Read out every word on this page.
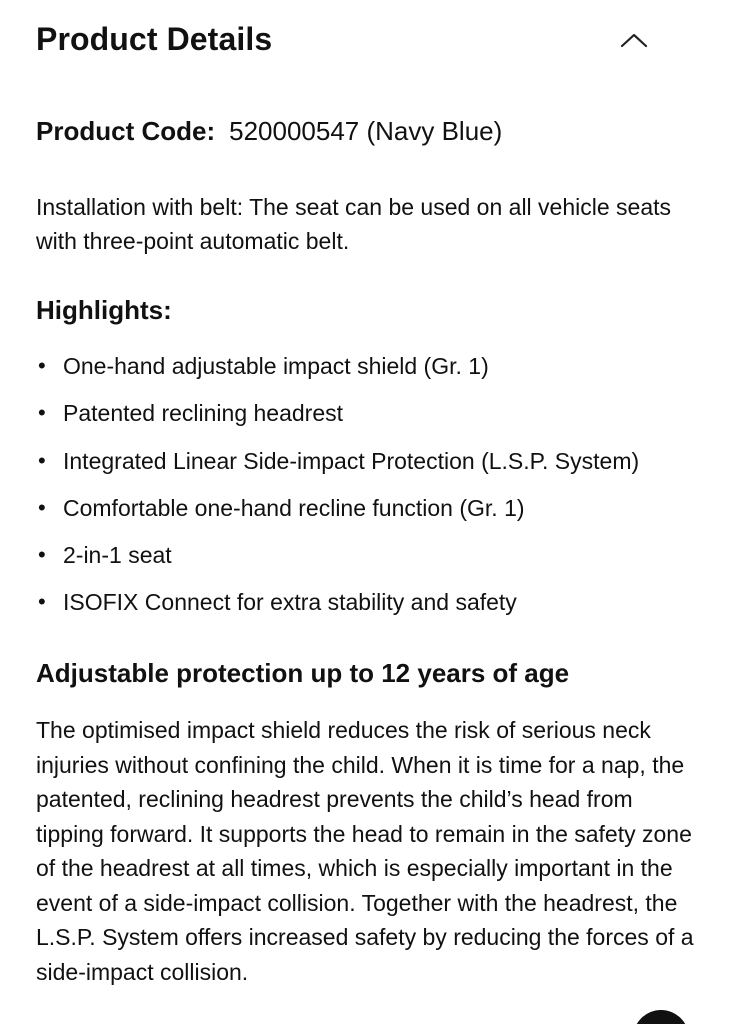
Product Details
Product Code: 520000547 (Navy Blue)
Installation with belt: The seat can be used on all vehicle seats with three-point automatic belt.
Highlights:
• One-hand adjustable impact shield (Gr. 1)
• Patented reclining headrest
• Integrated Linear Side-impact Protection (L.S.P. System)
• Comfortable one-hand recline function (Gr. 1)
• 2-in-1 seat
• ISOFIX Connect for extra stability and safety
Adjustable protection up to 12 years of age
The optimised impact shield reduces the risk of serious neck injuries without confining the child. When it is time for a nap, the patented, reclining headrest prevents the child’s head from tipping forward. It supports the head to remain in the safety zone of the headrest at all times, which is especially important in the event of a side-impact collision. Together with the headrest, the L.S.P. System offers increased safety by reducing the forces of a side-impact collision.
